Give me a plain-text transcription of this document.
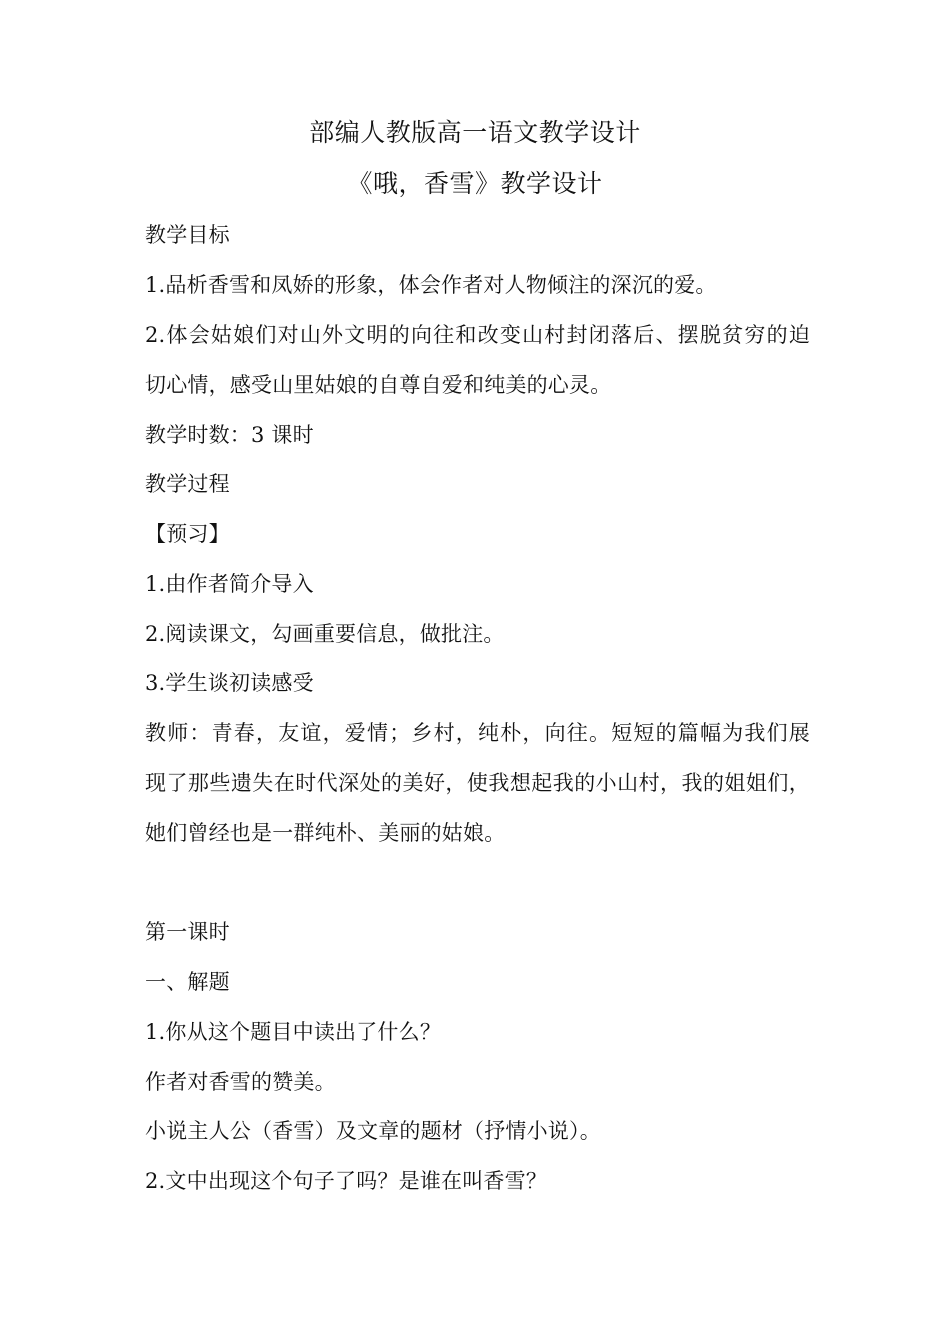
部编人教版高一语文教学设计
《哦，香雪》教学设计
教学目标
1.品析香雪和凤娇的形象，体会作者对人物倾注的深沉的爱。
2.体会姑娘们对山外文明的向往和改变山村封闭落后、摆脱贫穷的迫
切心情，感受山里姑娘的自尊自爱和纯美的心灵。
教学时数：3 课时
教学过程
【预习】
1.由作者简介导入
2.阅读课文，勾画重要信息，做批注。
3.学生谈初读感受
教师：青春，友谊，爱情；乡村，纯朴，向往。短短的篇幅为我们展
现了那些遗失在时代深处的美好，使我想起我的小山村，我的姐姐们，
她们曾经也是一群纯朴、美丽的姑娘。
第一课时
一、解题
1.你从这个题目中读出了什么？
作者对香雪的赞美。
小说主人公（香雪）及文章的题材（抒情小说）。
2.文中出现这个句子了吗？是谁在叫香雪？
